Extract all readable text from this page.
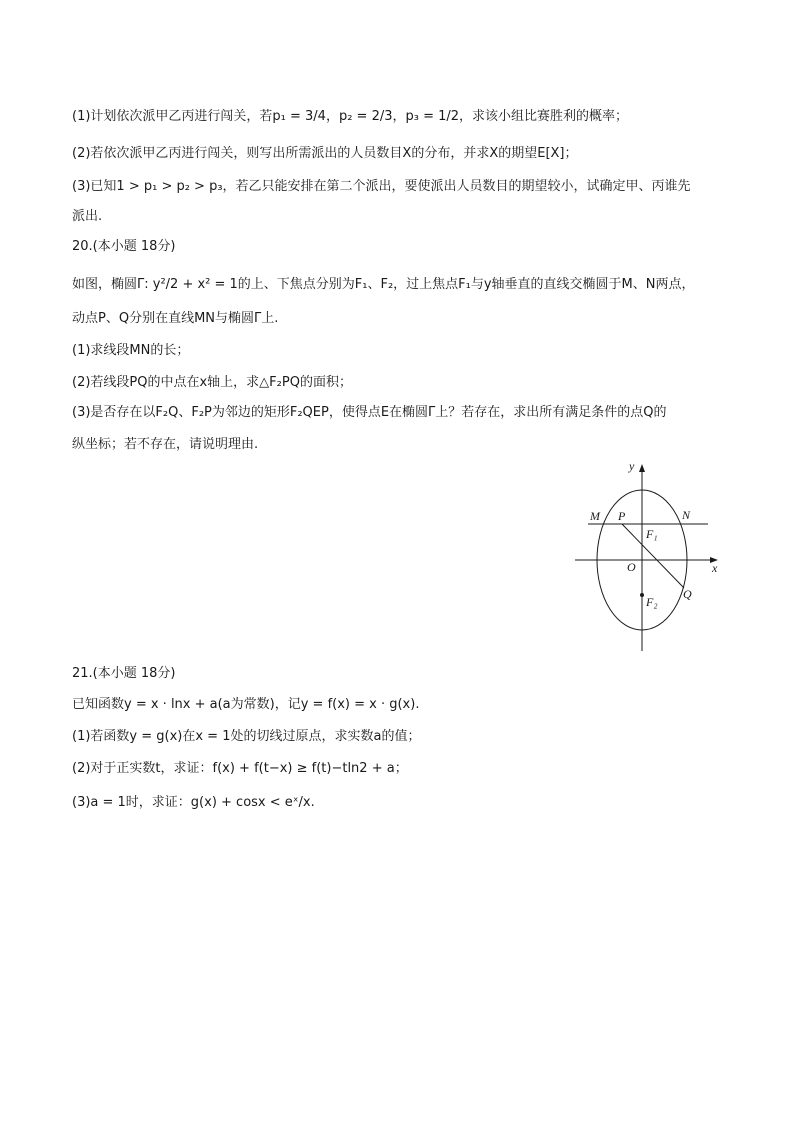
(1)计划依次派甲乙丙进行闯关，若p₁ = 3/4，p₂ = 2/3，p₃ = 1/2，求该小组比赛胜利的概率；
(2)若依次派甲乙丙进行闯关，则写出所需派出的人员数目X的分布，并求X的期望E[X]；
(3)已知1 > p₁ > p₂ > p₃，若乙只能安排在第二个派出，要使派出人员数目的期望较小，试确定甲、丙谁先
派出.
20.(本小题 18分)
如图，椭圆Γ: y²/2 + x² = 1的上、下焦点分别为F₁、F₂，过上焦点F₁与y轴垂直的直线交椭圆于M、N两点，
动点P、Q分别在直线MN与椭圆Γ上.
(1)求线段MN的长；
(2)若线段PQ的中点在x轴上，求△F₂PQ的面积；
(3)是否存在以F₂Q、F₂P为邻边的矩形F₂QEP，使得点E在椭圆Γ上？若存在，求出所有满足条件的点Q的
纵坐标；若不存在，请说明理由.
y
x
O
M P	N
F₁
F₂
Q
21.(本小题 18分)
已知函数y = x · lnx + a(a为常数)，记y = f(x) = x · g(x).
(1)若函数y = g(x)在x = 1处的切线过原点，求实数a的值；
(2)对于正实数t，求证：f(x) + f(t−x) ≥ f(t)−tln2 + a；
(3)a = 1时，求证：g(x) + cosx < eˣ/x.
